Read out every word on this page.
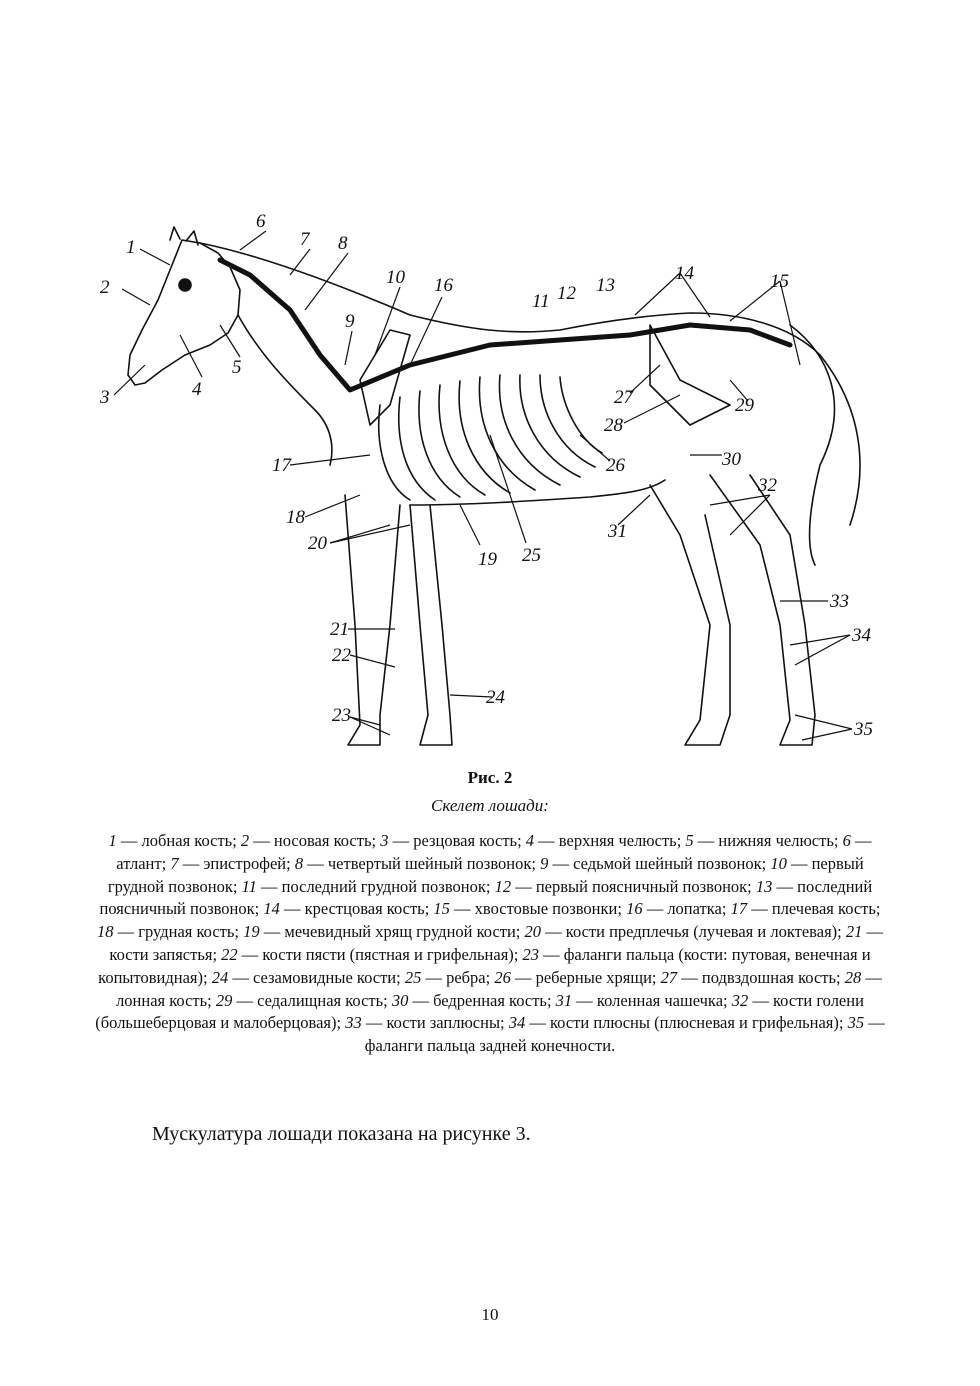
1
2
3	4
5
6
7 8
9
10
11 12 13
14	15
16
17
18
19
20
21
22
23
24
25
26
27
28
29
30
31
32
33
34
35
Рис. 2
Скелет лошади:
1 — лобная кость; 2 — носовая кость; 3 — резцовая кость; 4 — верхняя челюсть; 5 — нижняя челюсть; 6 — атлант; 7 — эпистрофей; 8 — четвертый шейный позвонок; 9 — седьмой шейный позвонок; 10 — первый грудной позвонок; 11 — последний грудной позвонок; 12 — первый поясничный позвонок; 13 — последний поясничный позвонок; 14 — крестцовая кость; 15 — хвостовые позвонки; 16 — лопатка; 17 — плечевая кость; 18 — грудная кость; 19 — мечевидный хрящ грудной кости; 20 — кости предплечья (лучевая и локтевая); 21 — кости запястья; 22 — кости пясти (пястная и грифельная); 23 — фаланги пальца (кости: путовая, венечная и копытовидная); 24 — сезамовидные кости; 25 — ребра; 26 — реберные хрящи; 27 — подвздошная кость; 28 — лонная кость; 29 — седалищная кость; 30 — бедренная кость; 31 — коленная чашечка; 32 — кости голени (большеберцовая и малоберцовая); 33 — кости заплюсны; 34 — кости плюсны (плюсневая и грифельная); 35 — фаланги пальца задней конечности.
Мускулатура лошади показана на рисунке 3.
10
